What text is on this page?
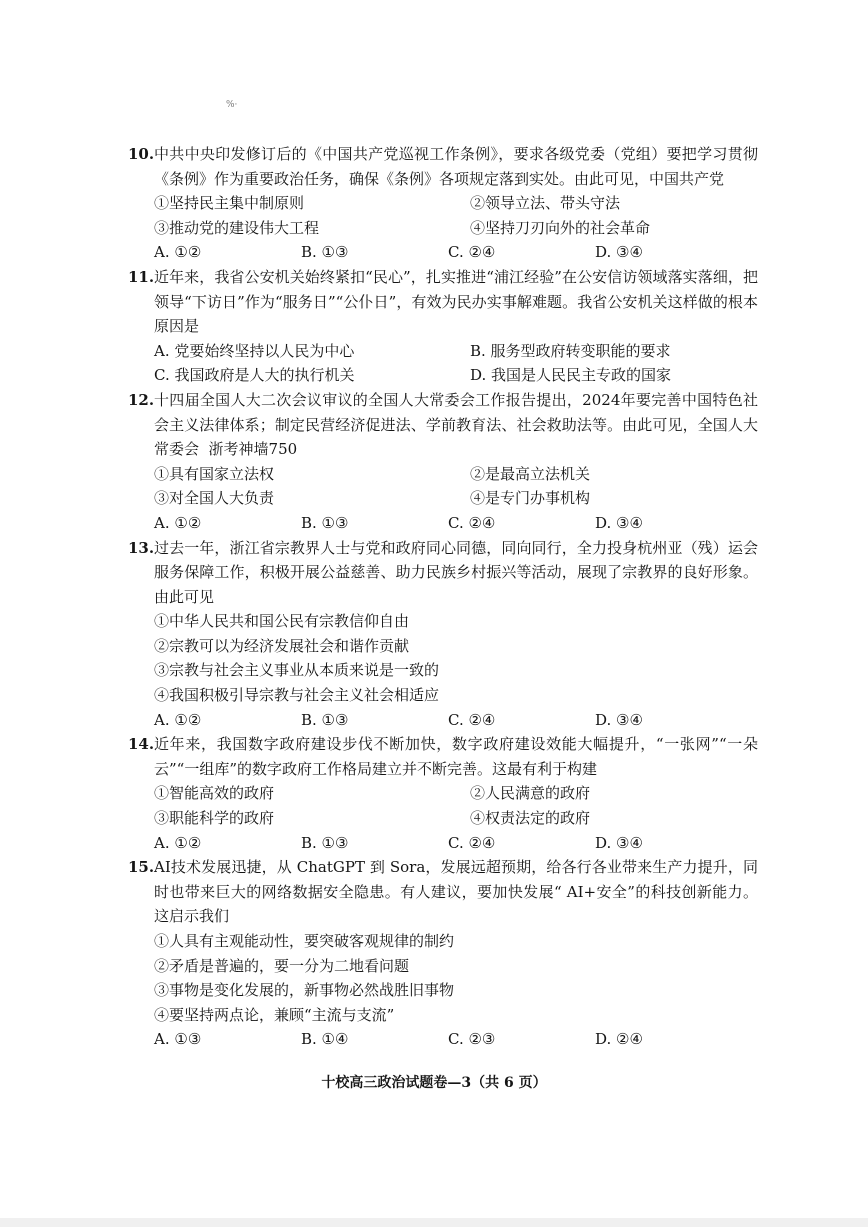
%·
10. 中共中央印发修订后的《中国共产党巡视工作条例》，要求各级党委（党组）要把学习贯彻《条例》作为重要政治任务，确保《条例》各项规定落到实处。由此可见，中国共产党
①坚持民主集中制原则	②领导立法、带头守法
③推动党的建设伟大工程	④坚持刀刃向外的社会革命
A. ①②	B. ①③	C. ②④	D. ③④
11. 近年来，我省公安机关始终紧扣“民心”，扎实推进“浦江经验”在公安信访领域落实落细，把领导“下访日”作为“服务日”“公仆日”，有效为民办实事解难题。我省公安机关这样做的根本原因是
A. 党要始终坚持以人民为中心	B. 服务型政府转变职能的要求
C. 我国政府是人大的执行机关	D. 我国是人民民主专政的国家
12. 十四届全国人大二次会议审议的全国人大常委会工作报告提出，2024年要完善中国特色社会主义法律体系；制定民营经济促进法、学前教育法、社会救助法等。由此可见，全国人大常委会  浙考神墙750
①具有国家立法权	②是最高立法机关
③对全国人大负责	④是专门办事机构
A. ①②	B. ①③	C. ②④	D. ③④
13. 过去一年，浙江省宗教界人士与党和政府同心同德，同向同行，全力投身杭州亚（残）运会服务保障工作，积极开展公益慈善、助力民族乡村振兴等活动，展现了宗教界的良好形象。由此可见
①中华人民共和国公民有宗教信仰自由
②宗教可以为经济发展社会和谐作贡献
③宗教与社会主义事业从本质来说是一致的
④我国积极引导宗教与社会主义社会相适应
A. ①②	B. ①③	C. ②④	D. ③④
14. 近年来，我国数字政府建设步伐不断加快，数字政府建设效能大幅提升，“一张网”“一朵云”“一组库”的数字政府工作格局建立并不断完善。这最有利于构建
①智能高效的政府	②人民满意的政府
③职能科学的政府	④权责法定的政府
A. ①②	B. ①③	C. ②④	D. ③④
15. AI技术发展迅捷，从 ChatGPT 到 Sora，发展远超预期，给各行各业带来生产力提升，同时也带来巨大的网络数据安全隐患。有人建议，要加快发展“ AI+安全”的科技创新能力。这启示我们
①人具有主观能动性，要突破客观规律的制约
②矛盾是普遍的，要一分为二地看问题
③事物是变化发展的，新事物必然战胜旧事物
④要坚持两点论，兼顾“主流与支流”
A. ①③	B. ①④	C. ②③	D. ②④
十校高三政治试题卷—3（共 6 页）
